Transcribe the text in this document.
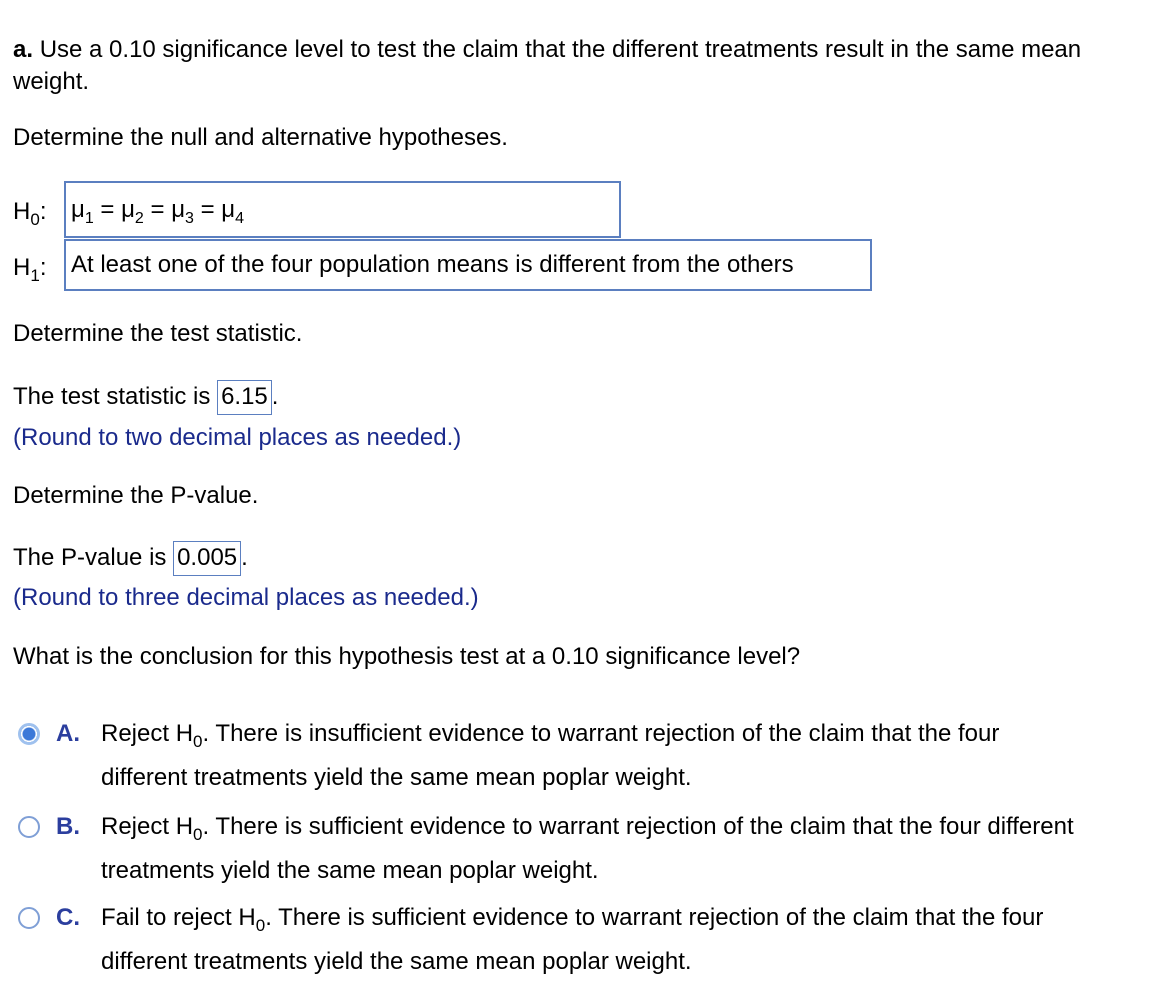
a. Use a 0.10 significance level to test the claim that the different treatments result in the same mean weight.
Determine the null and alternative hypotheses.
$H_0$: $\mu_1 = \mu_2 = \mu_3 = \mu_4$
$H_1$: At least one of the four population means is different from the others
Determine the test statistic.
The test statistic is 6.15 .
(Round to two decimal places as needed.)
Determine the P-value.
The P-value is 0.005 .
(Round to three decimal places as needed.)
What is the conclusion for this hypothesis test at a 0.10 significance level?
A. Reject $H_0$. There is insufficient evidence to warrant rejection of the claim that the four different treatments yield the same mean poplar weight.
B. Reject $H_0$. There is sufficient evidence to warrant rejection of the claim that the four different treatments yield the same mean poplar weight.
C. Fail to reject $H_0$. There is sufficient evidence to warrant rejection of the claim that the four different treatments yield the same mean poplar weight.
